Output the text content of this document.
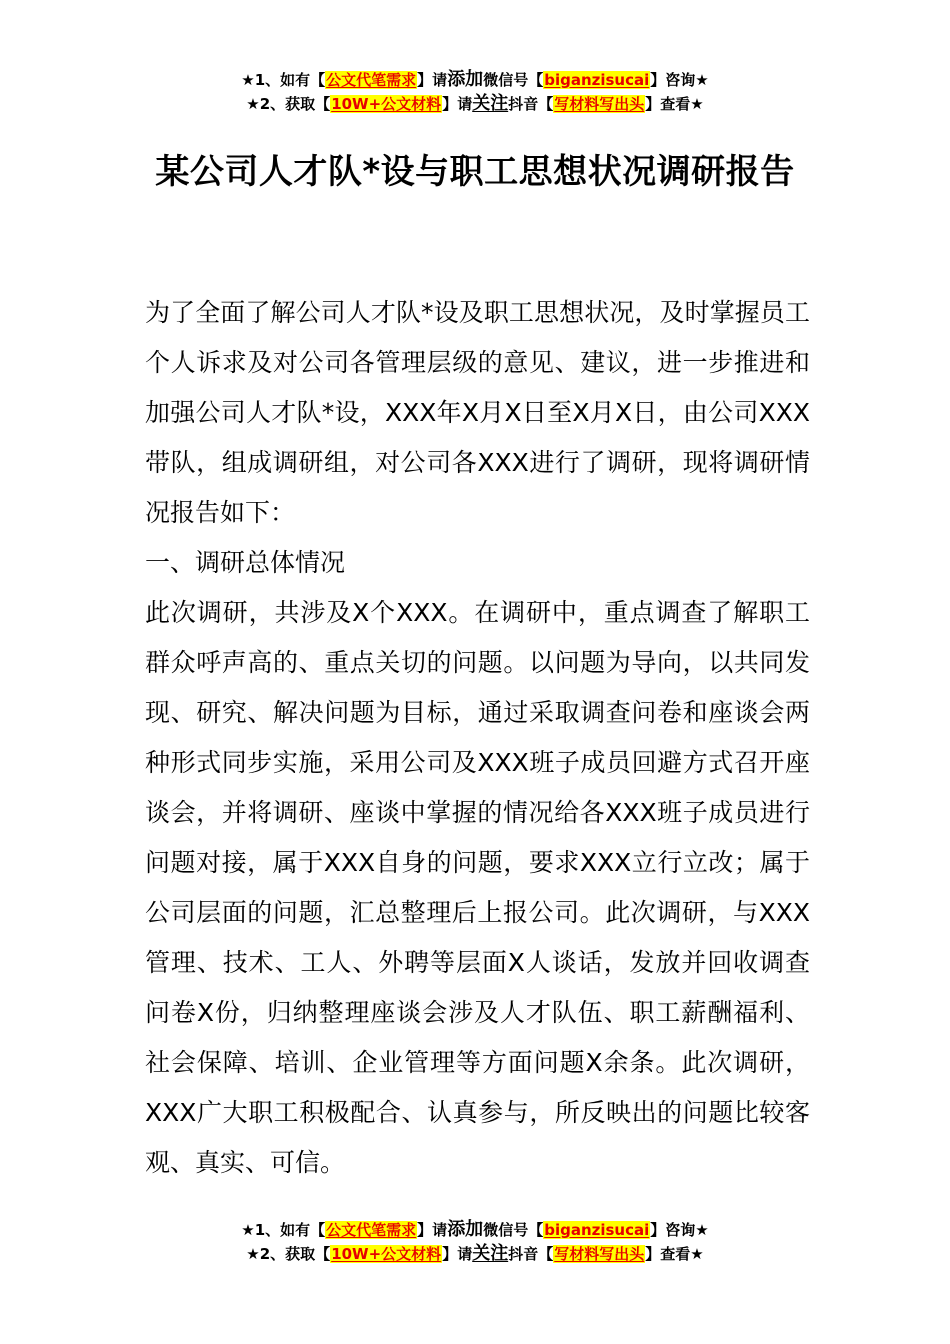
★1、如有【公文代笔需求】请添加微信号【biganzisucai】咨询★
★2、获取【10W+公文材料】请关注抖音【写材料写出头】查看★
某公司人才队*设与职工思想状况调研报告

为了全面了解公司人才队*设及职工思想状况，及时掌握员工个人诉求及对公司各管理层级的意见、建议，进一步推进和加强公司人才队*设，XXX年X月X日至X月X日，由公司XXX带队，组成调研组，对公司各XXX进行了调研，现将调研情况报告如下：

一、调研总体情况

此次调研，共涉及X个XXX。在调研中，重点调查了解职工群众呼声高的、重点关切的问题。以问题为导向，以共同发现、研究、解决问题为目标，通过采取调查问卷和座谈会两种形式同步实施，采用公司及XXX班子成员回避方式召开座谈会，并将调研、座谈中掌握的情况给各XXX班子成员进行问题对接，属于XXX自身的问题，要求XXX立行立改；属于公司层面的问题，汇总整理后上报公司。此次调研，与XXX管理、技术、工人、外聘等层面X人谈话，发放并回收调查问卷X份，归纳整理座谈会涉及人才队伍、职工薪酬福利、社会保障、培训、企业管理等方面问题X余条。此次调研，XXX广大职工积极配合、认真参与，所反映出的问题比较客观、真实、可信。

★1、如有【公文代笔需求】请添加微信号【biganzisucai】咨询★
★2、获取【10W+公文材料】请关注抖音【写材料写出头】查看★
